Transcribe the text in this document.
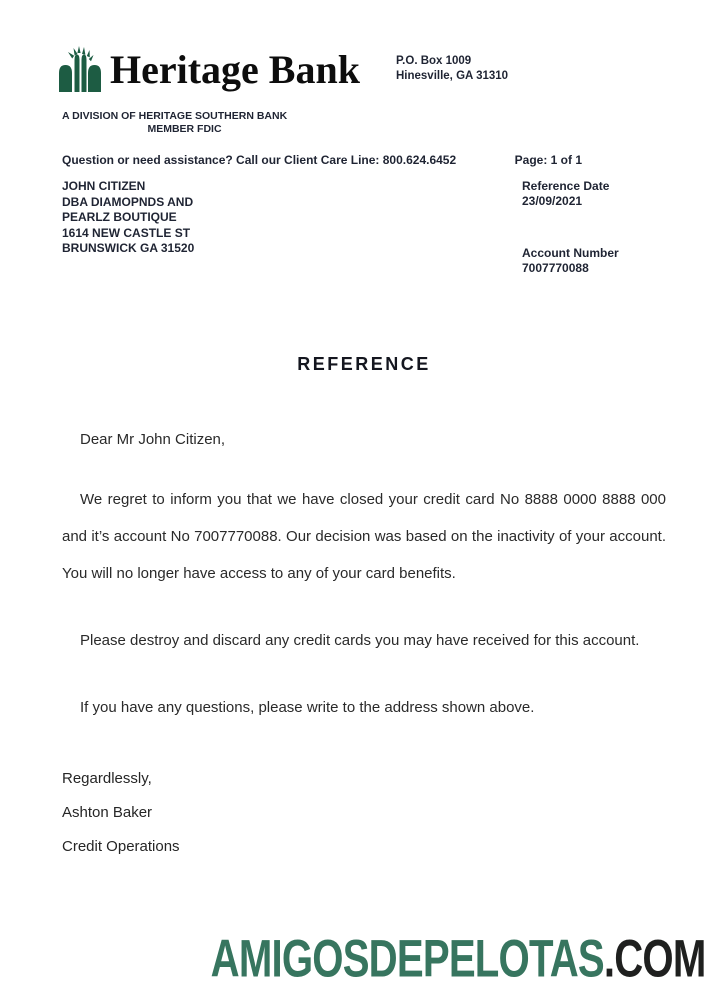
Heritage Bank	P.O. Box 1009
Hinesville, GA 31310
A DIVISION OF HERITAGE SOUTHERN BANK
MEMBER FDIC
Question or need assistance? Call our Client Care Line: 800.624.6452	Page: 1 of 1
JOHN CITIZEN
DBA DIAMOPNDS AND
PEARLZ BOUTIQUE
1614 NEW CASTLE ST
BRUNSWICK GA 31520
Reference Date
23/09/2021
Account Number
7007770088
REFERENCE
Dear Mr John Citizen,

We regret to inform you that we have closed your credit card No 8888 0000 8888 000 and it’s account No 7007770088. Our decision was based on the inactivity of your account. You will no longer have access to any of your card benefits.

Please destroy and discard any credit cards you may have received for this account.

If you have any questions, please write to the address shown above.

Regardlessly,
Ashton Baker
Credit Operations
AMIGOSDEPELOTAS.COM
